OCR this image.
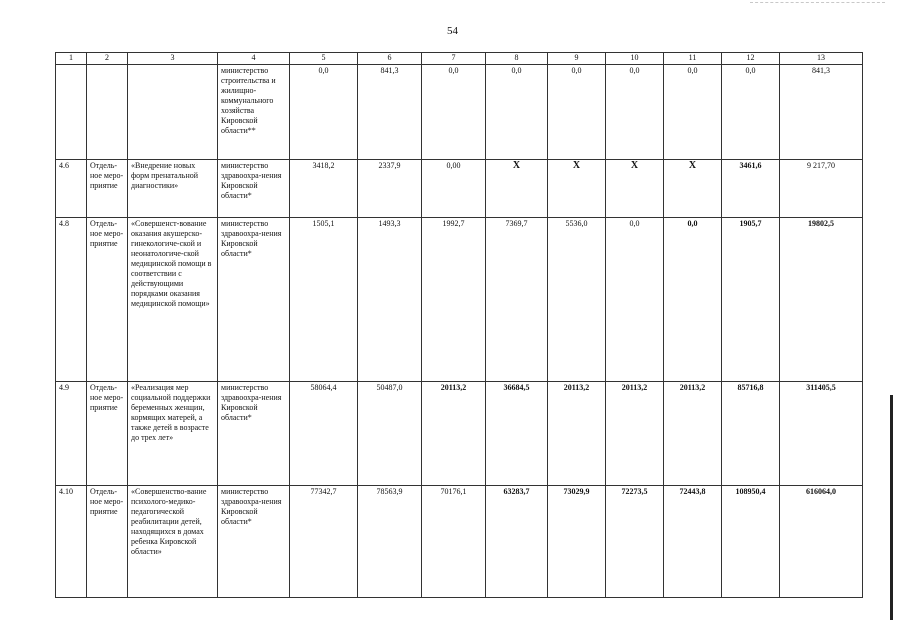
54
1	2	3	4	5	6	7	8	9	10	11	12	13
			министерство строительства и жилищно-коммунального хозяйства Кировской области**	0,0	841,3	0,0	0,0	0,0	0,0	0,0	0,0	841,3
4.6	Отдель-ное меро-приятие	«Внедрение новых форм пренатальной диагностики»	министерство здравоохра-нения Кировской области*	3418,2	2337,9	0,00	X	X	X	X	3461,6	9 217,70
4.8	Отдель-ное меро-приятие	«Совершенст-вование оказания акушерско-гинекологиче-ской и неонатологиче-ской медицинской помощи в соответствии с действующими порядками оказания медицинской помощи»	министерство здравоохра-нения Кировской области*	1505,1	1493,3	1992,7	7369,7	5536,0	0,0	0,0	1905,7	19802,5
4.9	Отдель-ное меро-приятие	«Реализация мер социальной поддержки беременных женщин, кормящих матерей, а также детей в возрасте до трех лет»	министерство здравоохра-нения Кировской области*	58064,4	50487,0	20113,2	36684,5	20113,2	20113,2	20113,2	85716,8	311405,5
4.10	Отдель-ное меро-приятие	«Совершенство-вание психолого-медико-педагогической реабилитации детей, находящихся в домах ребенка Кировской области»	министерство здравоохра-нения Кировской области*	77342,7	78563,9	70176,1	63283,7	73029,9	72273,5	72443,8	108950,4	616064,0
